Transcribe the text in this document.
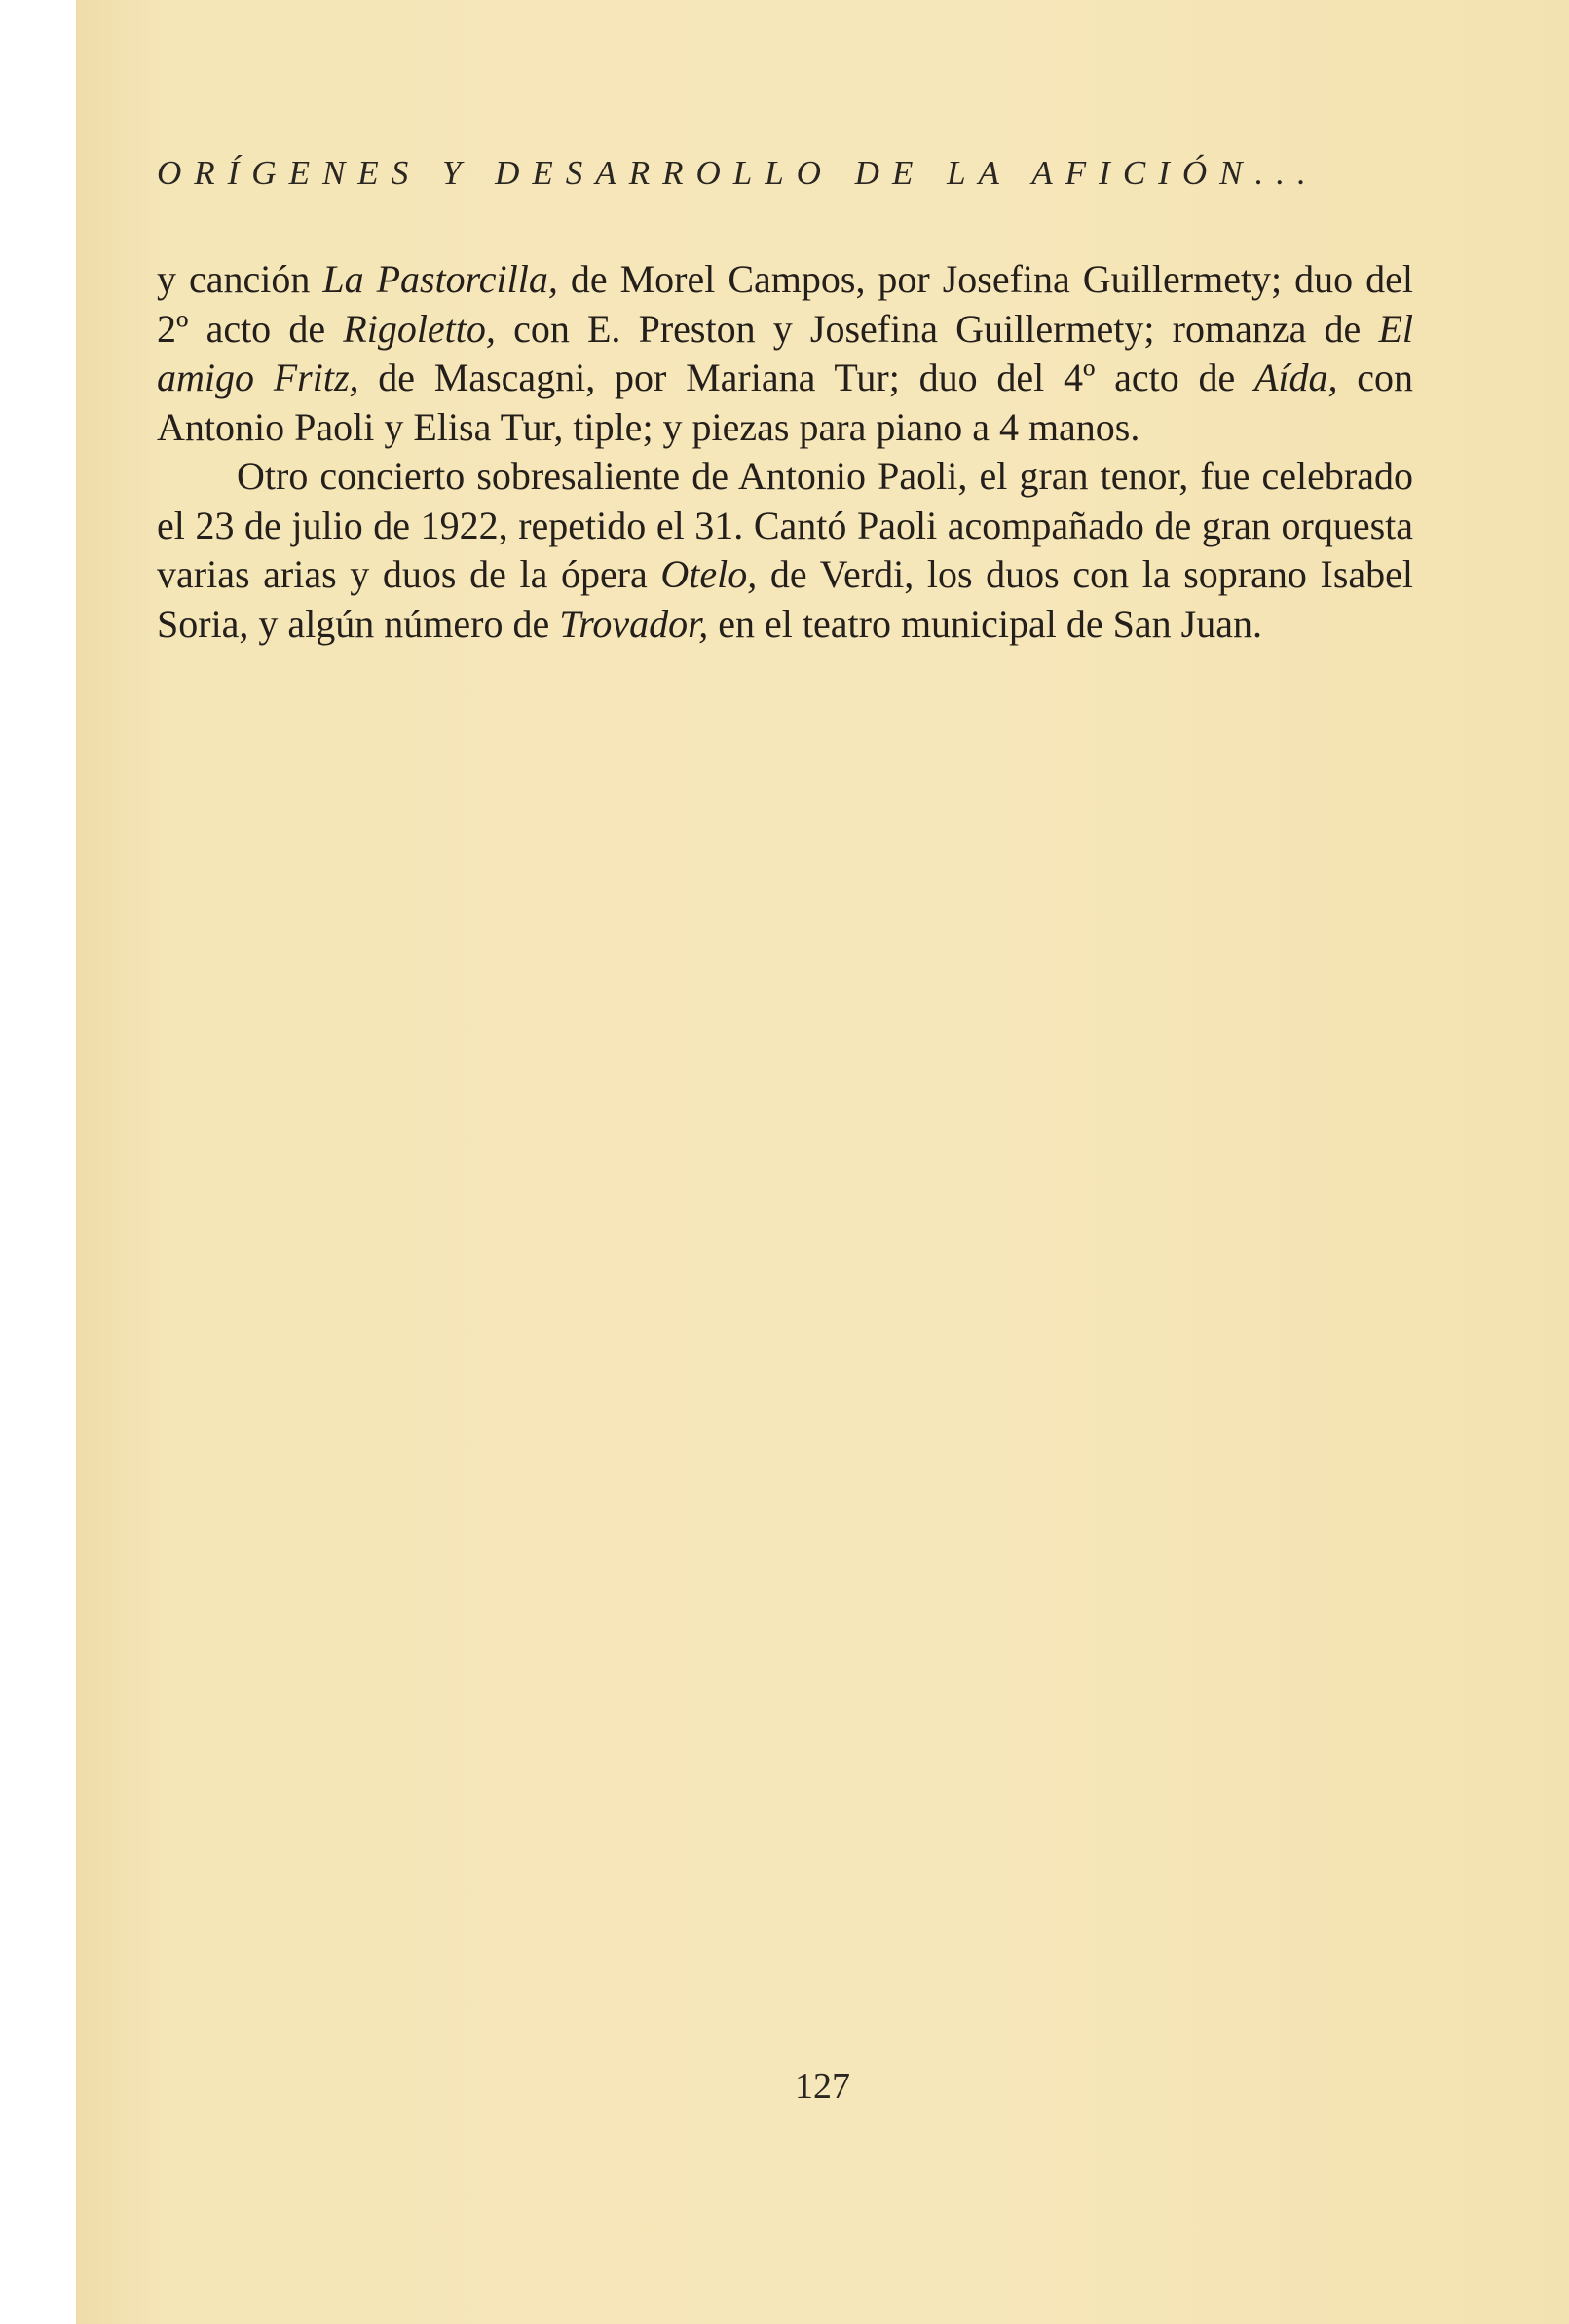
ORÍGENES Y DESARROLLO DE LA AFICIÓN...

y canción La Pastorcilla, de Morel Campos, por Josefina Guillermety; duo del 2º acto de Rigoletto, con E. Preston y Josefina Guillermety; romanza de El amigo Fritz, de Mascagni, por Mariana Tur; duo del 4º acto de Aída, con Antonio Paoli y Elisa Tur, tiple; y piezas para piano a 4 manos.

Otro concierto sobresaliente de Antonio Paoli, el gran tenor, fue celebrado el 23 de julio de 1922, repetido el 31. Cantó Paoli acompañado de gran orquesta varias arias y duos de la ópera Otelo, de Verdi, los duos con la soprano Isabel Soria, y algún número de Trovador, en el teatro municipal de San Juan.

127
